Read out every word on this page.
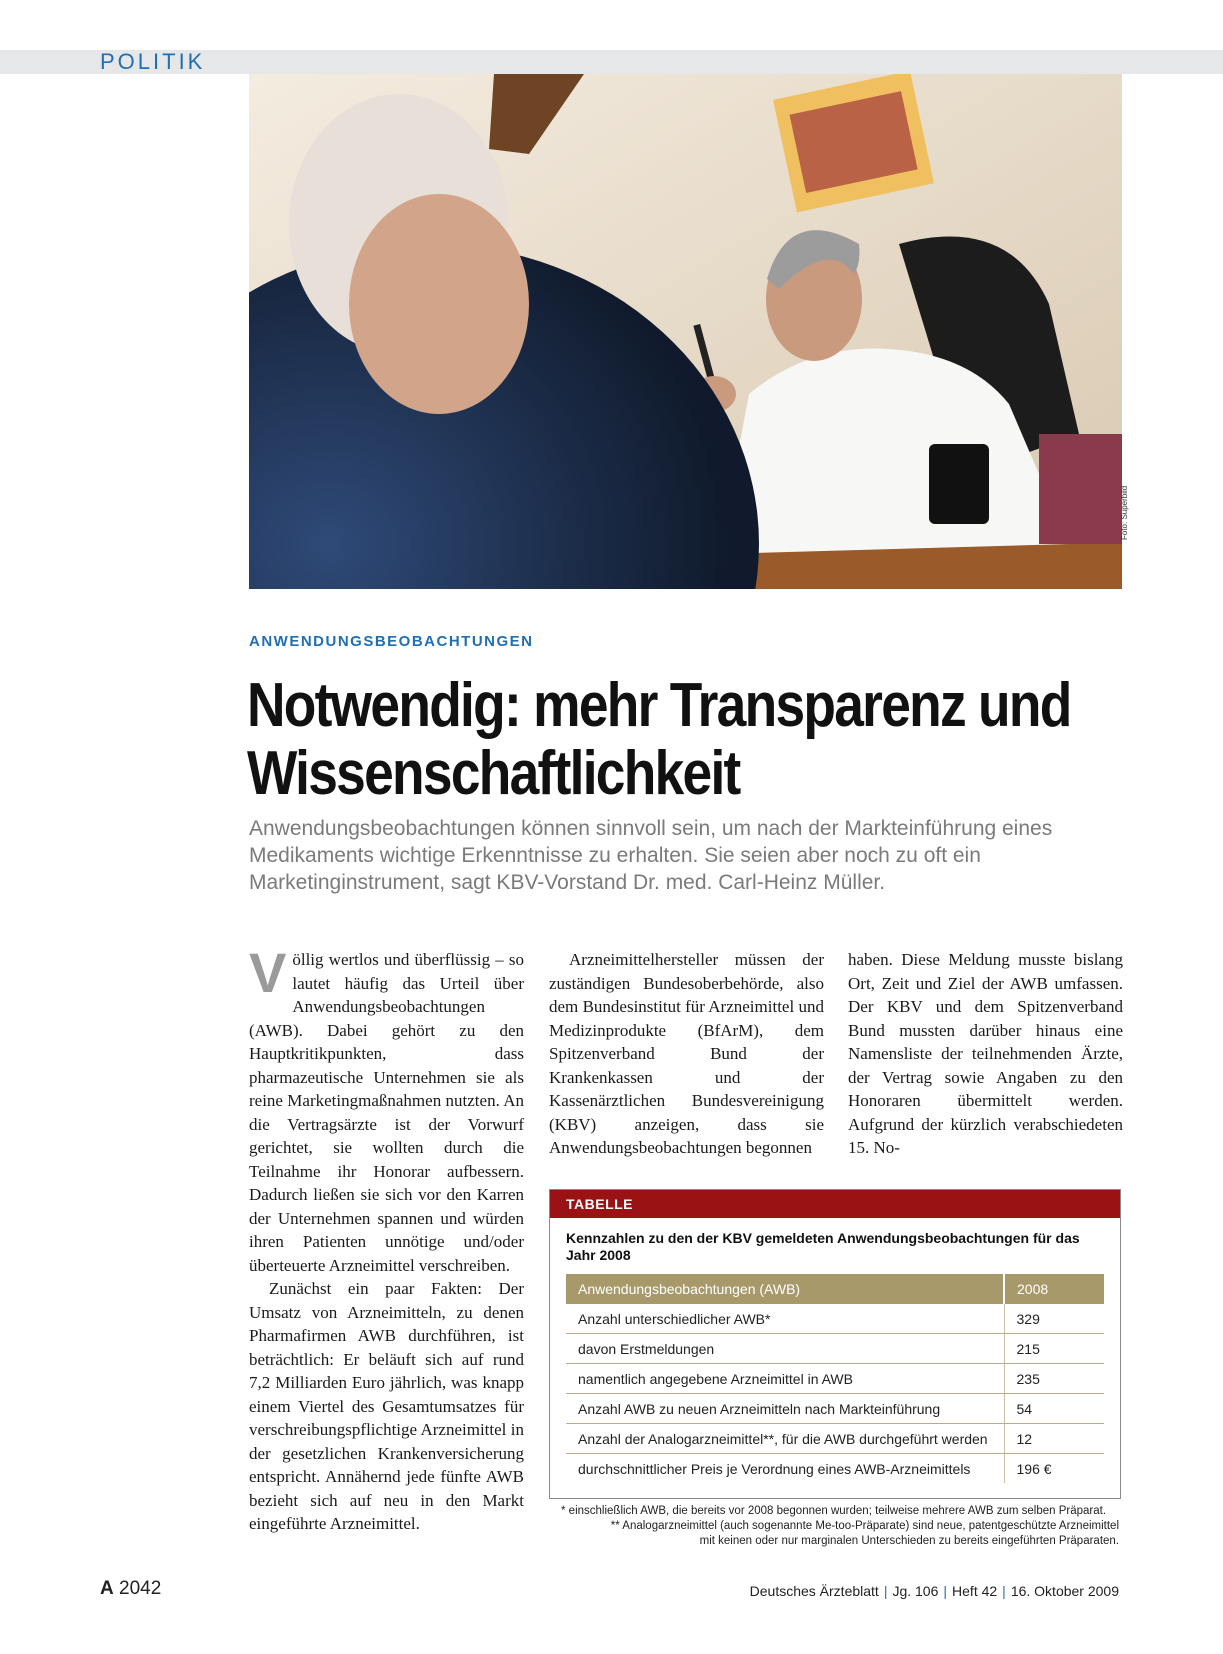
POLITIK
Foto: Superbild
ANWENDUNGSBEOBACHTUNGEN
Notwendig: mehr Transparenz und
Wissenschaftlichkeit
Anwendungsbeobachtungen können sinnvoll sein, um nach der Markteinführung eines Medikaments wichtige Erkenntnisse zu erhalten. Sie seien aber noch zu oft ein Marketinginstrument, sagt KBV-Vorstand Dr. med. Carl-Heinz Müller.

Völlig wertlos und überflüssig – so lautet häufig das Urteil über Anwendungsbeobachtungen (AWB). Dabei gehört zu den Hauptkritikpunkten, dass pharmazeutische Unternehmen sie als reine Marketingmaßnahmen nutzten. An die Vertragsärzte ist der Vorwurf gerichtet, sie wollten durch die Teilnahme ihr Honorar aufbessern. Dadurch ließen sie sich vor den Karren der Unternehmen spannen und würden ihren Patienten unnötige und/oder überteuerte Arzneimittel verschreiben.

Zunächst ein paar Fakten: Der Umsatz von Arzneimitteln, zu denen Pharmafirmen AWB durchführen, ist beträchtlich: Er beläuft sich auf rund 7,2 Milliarden Euro jährlich, was knapp einem Viertel des Gesamtumsatzes für verschreibungspflichtige Arzneimittel in der gesetzlichen Krankenversicherung entspricht. Annähernd jede fünfte AWB bezieht sich auf neu in den Markt eingeführte Arzneimittel.

Arzneimittelhersteller müssen der zuständigen Bundesoberbehörde, also dem Bundesinstitut für Arzneimittel und Medizinprodukte (BfArM), dem Spitzenverband Bund der Krankenkassen und der Kassenärztlichen Bundesvereinigung (KBV) anzeigen, dass sie Anwendungsbeobachtungen begonnen

haben. Diese Meldung musste bislang Ort, Zeit und Ziel der AWB umfassen. Der KBV und dem Spitzenverband Bund mussten darüber hinaus eine Namensliste der teilnehmenden Ärzte, der Vertrag sowie Angaben zu den Honoraren übermittelt werden. Aufgrund der kürzlich verabschiedeten 15. No-

TABELLE
Kennzahlen zu den der KBV gemeldeten Anwendungsbeobachtungen für das Jahr 2008
Anwendungsbeobachtungen (AWB)	2008
Anzahl unterschiedlicher AWB*	329
davon Erstmeldungen	215
namentlich angegebene Arzneimittel in AWB	235
Anzahl AWB zu neuen Arzneimitteln nach Markteinführung	54
Anzahl der Analogarzneimittel**, für die AWB durchgeführt werden	12
durchschnittlicher Preis je Verordnung eines AWB-Arzneimittels	196 €
* einschließlich AWB, die bereits vor 2008 begonnen wurden; teilweise mehrere AWB zum selben Präparat.
** Analogarzneimittel (auch sogenannte Me-too-Präparate) sind neue, patentgeschützte Arzneimittel
mit keinen oder nur marginalen Unterschieden zu bereits eingeführten Präparaten.
A 2042	Deutsches Ärzteblatt | Jg. 106 | Heft 42 | 16. Oktober 2009
